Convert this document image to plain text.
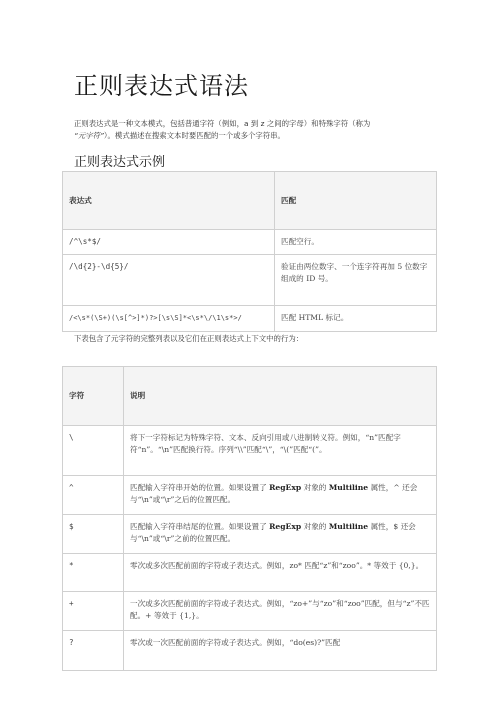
正则表达式语法
正则表达式是一种文本模式，包括普通字符（例如，a 到 z 之间的字母）和特殊字符（称为
“元字符”）。模式描述在搜索文本时要匹配的一个或多个字符串。
正则表达式示例
表达式	匹配
/^\s*$/	匹配空行。
/\d{2}-\d{5}/	验证由两位数字、一个连字符再加 5 位数字组成的 ID 号。
/<\s*(\S+)(\s[^>]*)?>[\s\S]*<\s*\/\1\s*>/	匹配 HTML 标记。
下表包含了元字符的完整列表以及它们在正则表达式上下文中的行为：
字符	说明
\	将下一字符标记为特殊字符、文本、反向引用或八进制转义符。例如，“n”匹配字符“n”。“\n”匹配换行符。序列“\\”匹配“\”，“\(”匹配“(”。
^	匹配输入字符串开始的位置。如果设置了 RegExp 对象的 Multiline 属性，^ 还会与“\n”或“\r”之后的位置匹配。
$	匹配输入字符串结尾的位置。如果设置了 RegExp 对象的 Multiline 属性，$ 还会与“\n”或“\r”之前的位置匹配。
*	零次或多次匹配前面的字符或子表达式。例如，zo* 匹配“z”和“zoo”。* 等效于 {0,}。
+	一次或多次匹配前面的字符或子表达式。例如，“zo+”与“zo”和“zoo”匹配，但与“z”不匹配。+ 等效于 {1,}。
?	零次或一次匹配前面的字符或子表达式。例如，“do(es)?”匹配
